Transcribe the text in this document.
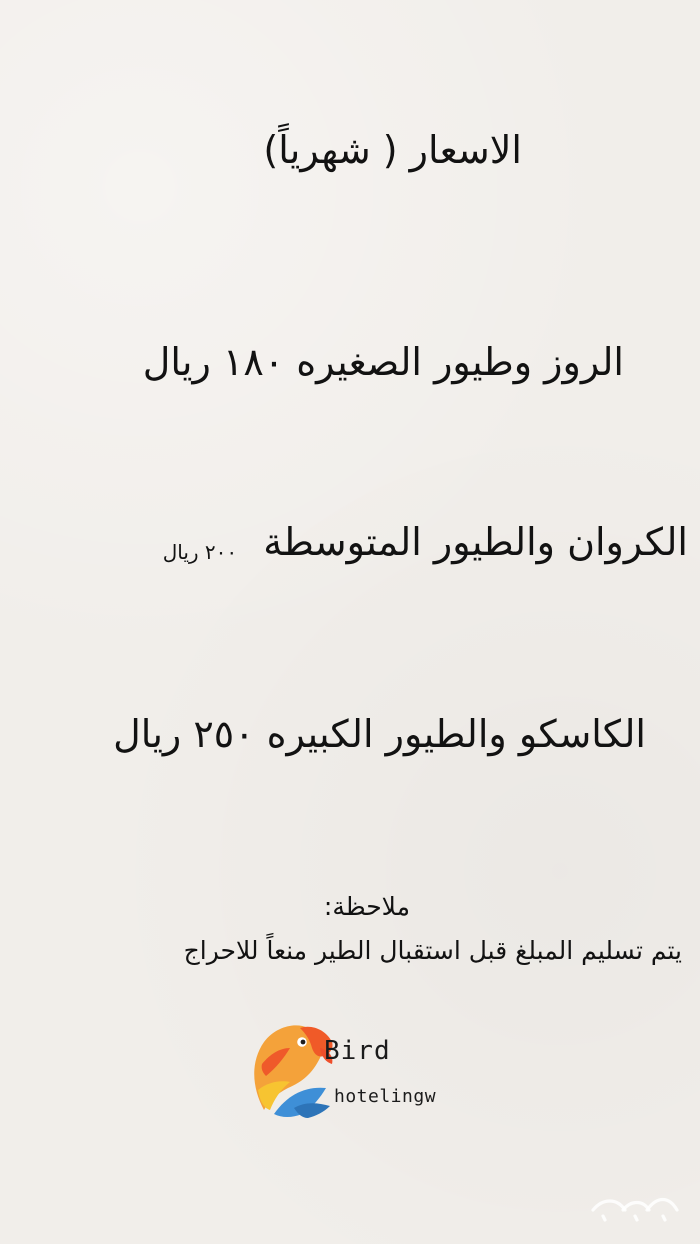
الاسعار ( شهرياً)
الروز وطيور الصغيره ١٨٠ ريال
الكروان والطيور المتوسطة ٢٠٠ ريال
الكاسكو والطيور الكبيره ٢٥٠ ريال
ملاحظة:
يتم تسليم المبلغ قبل استقبال الطير منعاً للاحراج
Bird
hotelingw
